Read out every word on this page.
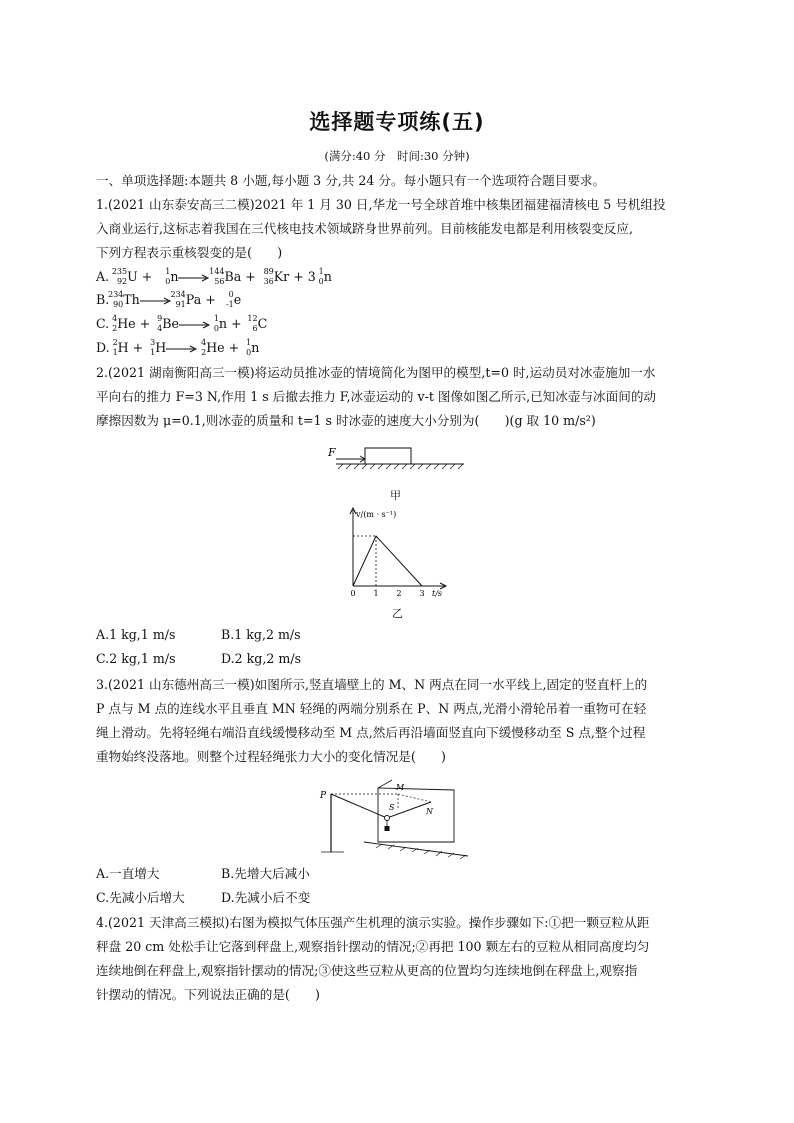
选择题专项练(五)
(满分:40 分　时间:30 分钟)
一、单项选择题:本题共 8 小题,每小题 3 分,共 24 分。每小题只有一个选项符合题目要求。
1.(2021 山东泰安高三二模)2021 年 1 月 30 日,华龙一号全球首堆中核集团福建福清核电 5 号机组投
入商业运行,这标志着我国在三代核电技术领域跻身世界前列。目前核能发电都是利用核裂变反应,
下列方程表示重核裂变的是(　　)
A. 235
92 U + 1
0 n	144
56 Ba + 89
36 Kr + 3 1
0 n
B.
234
90 Th	234
91 Pa + 0
-1 e
C. 4
2 He + 9
4 Be	1
0 n + 12
6 C
D. 2
1 H + 3
1 H	4
2 He + 1
0 n
2.(2021 湖南衡阳高三一模)将运动员推冰壶的情境简化为图甲的模型,t=0 时,运动员对冰壶施加一水
平向右的推力 F=3 N,作用 1 s 后撤去推力 F,冰壶运动的 v-t 图像如图乙所示,已知冰壶与冰面间的动
摩擦因数为 μ=0.1,则冰壶的质量和 t=1 s 时冰壶的速度大小分别为(　　)(g 取 10 m/s²)
F
甲
v/(m · s⁻¹)
t/s
0 1 2 3
乙
A.1 kg,1 m/s	B.1 kg,2 m/s
C.2 kg,1 m/s	D.2 kg,2 m/s
3.(2021 山东德州高三一模)如图所示,竖直墙壁上的 M、N 两点在同一水平线上,固定的竖直杆上的
P 点与 M 点的连线水平且垂直 MN 轻绳的两端分别系在 P、N 两点,光滑小滑轮吊着一重物可在轻
绳上滑动。先将轻绳右端沿直线缓慢移动至 M 点,然后再沿墙面竖直向下缓慢移动至 S 点,整个过程
重物始终没落地。则整个过程轻绳张力大小的变化情况是(　　)
P
M
N
S
A.一直增大	B.先增大后减小
C.先减小后增大	D.先减小后不变
4.(2021 天津高三模拟)右图为模拟气体压强产生机理的演示实验。操作步骤如下:①把一颗豆粒从距
秤盘 20 cm 处松手让它落到秤盘上,观察指针摆动的情况;②再把 100 颗左右的豆粒从相同高度均匀
连续地倒在秤盘上,观察指针摆动的情况;③使这些豆粒从更高的位置均匀连续地倒在秤盘上,观察指
针摆动的情况。下列说法正确的是(　　)
